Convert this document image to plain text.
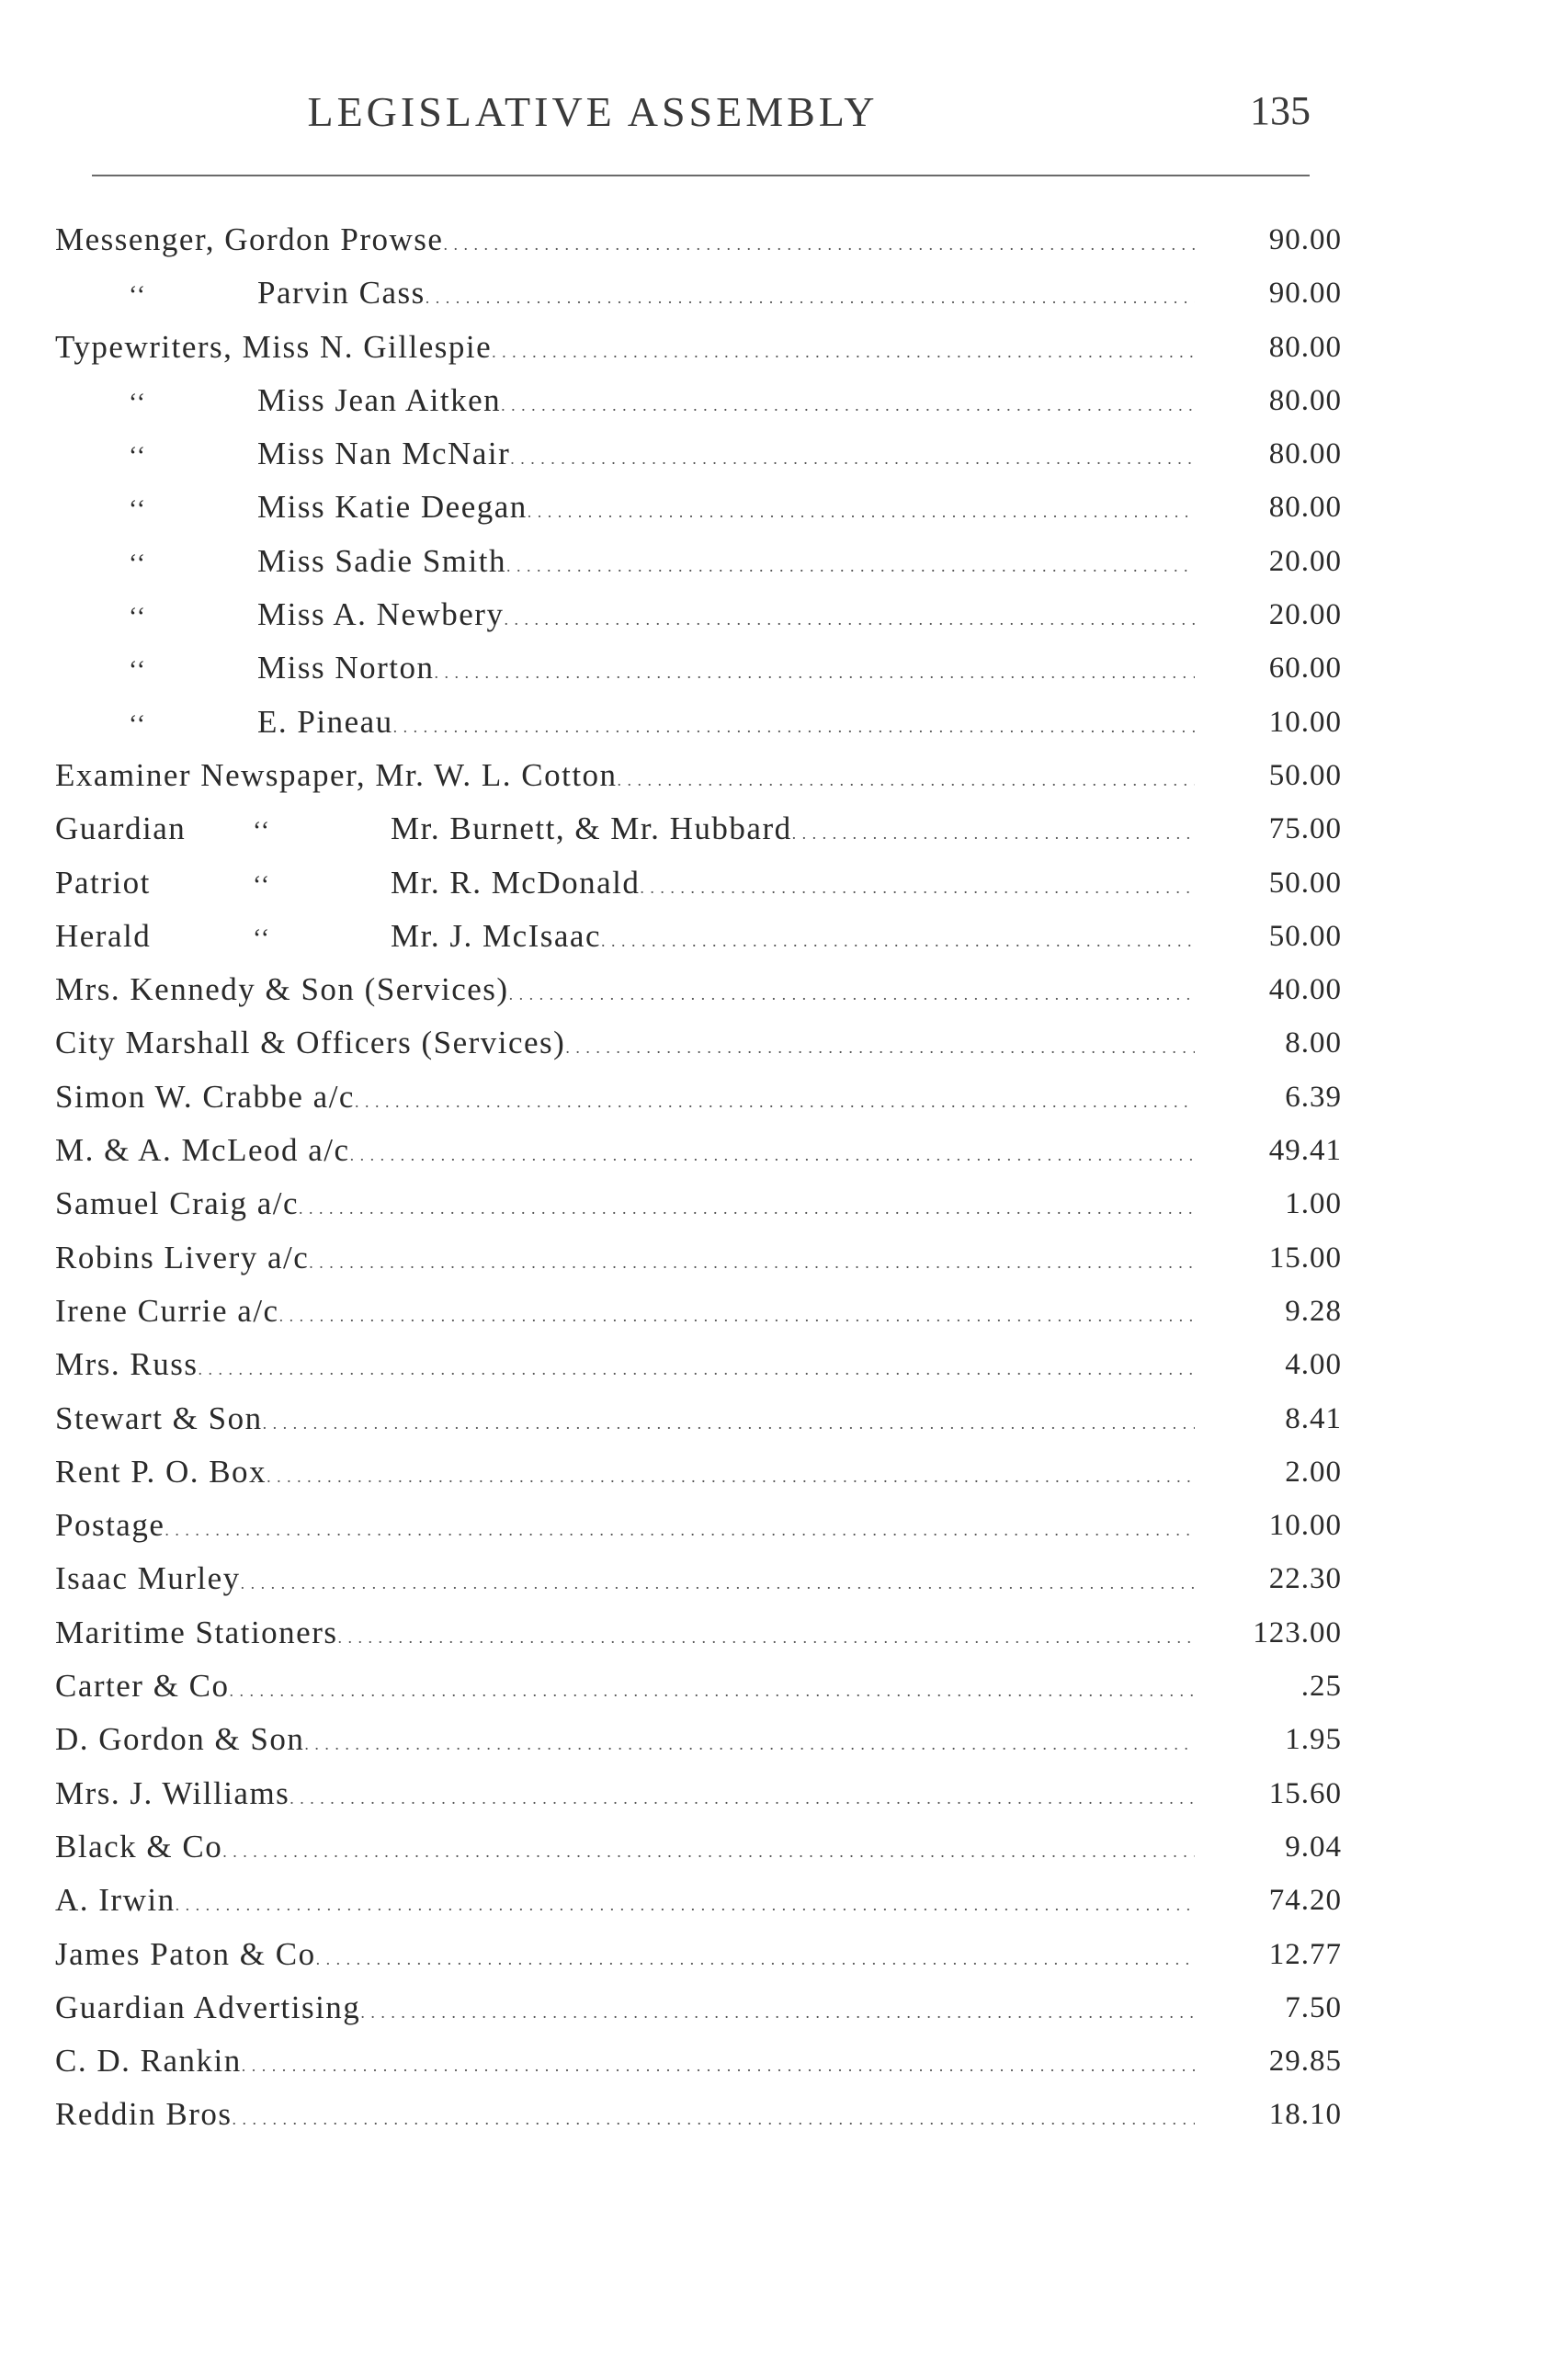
LEGISLATIVE ASSEMBLY	135
Messenger, Gordon Prowse . . .	90.00
‘‘	Parvin Cass . . .	90.00
Typewriters, Miss N. Gillespie . . .	80.00
‘‘	Miss Jean Aitken . . .	80.00
‘‘	Miss Nan McNair . . .	80.00
‘‘	Miss Katie Deegan . . .	80.00
‘‘	Miss Sadie Smith . . .	20.00
‘‘	Miss A. Newbery . . .	20.00
‘‘	Miss Norton . . .	60.00
‘‘	E. Pineau . . .	10.00
Examiner Newspaper, Mr. W. L. Cotton . . .	50.00
Guardian	‘‘	Mr. Burnett, & Mr. Hubbard . . .	75.00
Patriot	‘‘	Mr. R. McDonald . . .	50.00
Herald	‘‘	Mr. J. McIsaac . . .	50.00
Mrs. Kennedy & Son (Services) . . .	40.00
City Marshall & Officers (Services) . . .	8.00
Simon W. Crabbe a/c . . .	6.39
M. & A. McLeod a/c . . .	49.41
Samuel Craig a/c . . .	1.00
Robins Livery a/c . . .	15.00
Irene Currie a/c . . .	9.28
Mrs. Russ . . .	4.00
Stewart & Son . . .	8.41
Rent P. O. Box . . .	2.00
Postage . . .	10.00
Isaac Murley . . .	22.30
Maritime Stationers . . .	123.00
Carter & Co . . .	.25
D. Gordon & Son . . .	1.95
Mrs. J. Williams . . .	15.60
Black & Co . . .	9.04
A. Irwin . . .	74.20
James Paton & Co . . .	12.77
Guardian Advertising . . .	7.50
C. D. Rankin . . .	29.85
Reddin Bros . . .	18.10
